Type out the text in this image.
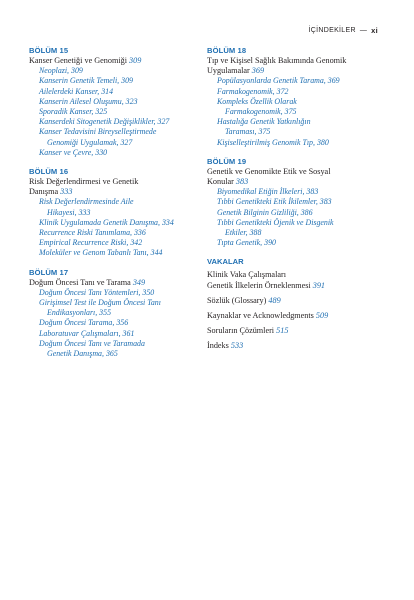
İÇİNDEKİLER — xi
BÖLÜM 15
Kanser Genetiği ve Genomiği 309
Neoplazi, 309
Kanserin Genetik Temeli, 309
Ailelerdeki Kanser, 314
Kanserin Ailesel Oluşumu, 323
Sporadik Kanser, 325
Kanserdeki Sitogenetik Değişiklikler, 327
Kanser Tedavisini Bireyselleştirmede
Genomiği Uygulamak, 327
Kanser ve Çevre, 330
BÖLÜM 16
Risk Değerlendirmesi ve Genetik
Danışma 333
Risk Değerlendirmesinde Aile
Hikayesi, 333
Klinik Uygulamada Genetik Danışma, 334
Recurrence Riski Tanımlama, 336
Empirical Recurrence Riski, 342
Moleküler ve Genom Tabanlı Tanı, 344
BÖLÜM 17
Doğum Öncesi Tanı ve Tarama 349
Doğum Öncesi Tanı Yöntemleri, 350
Girişimsel Test ile Doğum Öncesi Tanı
Endikasyonları, 355
Doğum Öncesi Tarama, 356
Laboratuvar Çalışmaları, 361
Doğum Öncesi Tanı ve Taramada
Genetik Danışma, 365
BÖLÜM 18
Tıp ve Kişisel Sağlık Bakımında Genomik
Uygulamalar 369
Popülasyonlarda Genetik Tarama, 369
Farmakogenomik, 372
Kompleks Özellik Olarak
Farmakogenomik, 375
Hastalığa Genetik Yatkınlığın
Taraması, 375
Kişiselleştirilmiş Genomik Tıp, 380
BÖLÜM 19
Genetik ve Genomikte Etik ve Sosyal
Konular 383
Biyomedikal Etiğin İlkeleri, 383
Tıbbi Genetikteki Etik İkilemler, 383
Genetik Bilginin Gizliliği, 386
Tıbbi Genetikteki Öjenik ve Disgenik
Etkiler, 388
Tıpta Genetik, 390
VAKALAR
Klinik Vaka Çalışmaları
Genetik İlkelerin Örneklenmesi 391
Sözlük (Glossary) 489
Kaynaklar ve Acknowledgments 509
Soruların Çözümleri 515
İndeks 533
